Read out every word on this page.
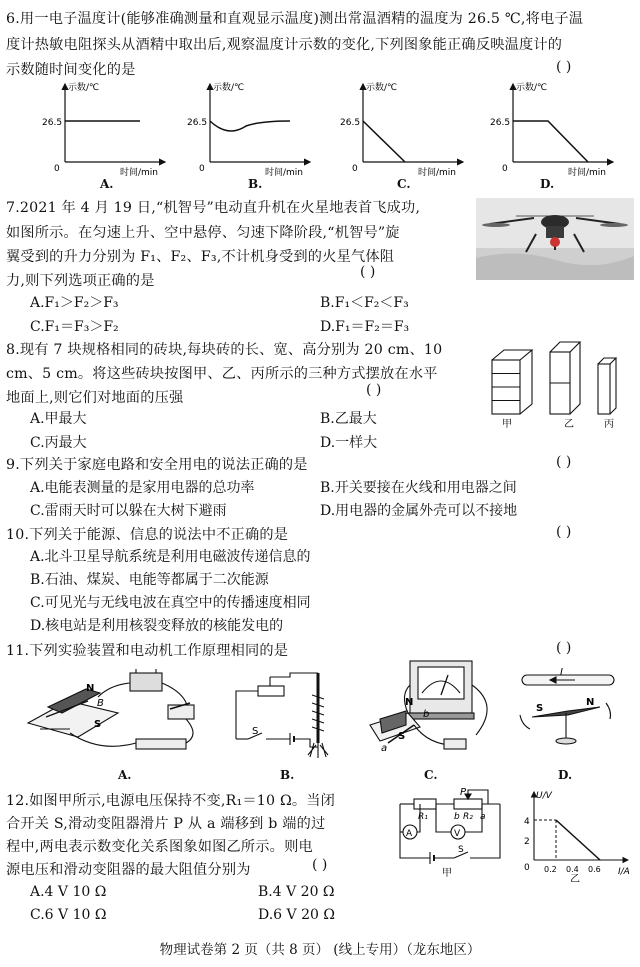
6.用一电子温度计(能够准确测量和直观显示温度)测出常温酒精的温度为 26.5 ℃,将电子温
度计热敏电阻探头从酒精中取出后,观察温度计示数的变化,下列图象能正确反映温度计的
示数随时间变化的是	( )
示数/℃
时间/min
0
26.5
示数/℃
时间/min
0
26.5
示数/℃
时间/min
0
26.5
示数/℃
时间/min
0
26.5
A.	B.	C.	D.
7.2021 年 4 月 19 日,“机智号”电动直升机在火星地表首飞成功,
如图所示。在匀速上升、空中悬停、匀速下降阶段,“机智号”旋
翼受到的升力分别为 F₁、F₂、F₃,不计机身受到的火星气体阻
力,则下列选项正确的是
( )
A.F₁＞F₂＞F₃	B.F₁＜F₂＜F₃
C.F₁＝F₃＞F₂	D.F₁＝F₂＝F₃
8.现有 7 块规格相同的砖块,每块砖的长、宽、高分别为 20 cm、10
cm、5 cm。将这些砖块按图甲、乙、丙所示的三种方式摆放在水平
地面上,则它们对地面的压强	( )
A.甲最大	B.乙最大
C.丙最大	D.一样大
甲	乙	丙
9.下列关于家庭电路和安全用电的说法正确的是	( )
A.电能表测量的是家用电器的总功率	B.开关要接在火线和用电器之间
C.雷雨天时可以躲在大树下避雨	D.用电器的金属外壳可以不接地
10.下列关于能源、信息的说法中不正确的是	( )
A.北斗卫星导航系统是利用电磁波传递信息的
B.石油、煤炭、电能等都属于二次能源
C.可见光与无线电波在真空中的传播速度相同
D.核电站是利用核裂变释放的核能发电的
11.下列实验装置和电动机工作原理相同的是	( )
N
B
S
S
N
b
a
S
I
S
N
A.	B.	C.	D.
12.如图甲所示,电源电压保持不变,R₁＝10 Ω。当闭
合开关 S,滑动变阻器滑片 P 从 a 端移到 b 端的过
程中,两电表示数变化关系图象如图乙所示。则电
源电压和滑动变阻器的最大阻值分别为	( )
A.4 V 10 Ω	B.4 V 20 Ω
C.6 V 10 Ω	D.6 V 20 Ω
P
R₁	b R₂ a
A	V
S
甲
U/V
I/A
0
4
2
0.2 0.4 0.6
乙
物理试卷第 2 页（共 8 页） (线上专用）（龙东地区）
